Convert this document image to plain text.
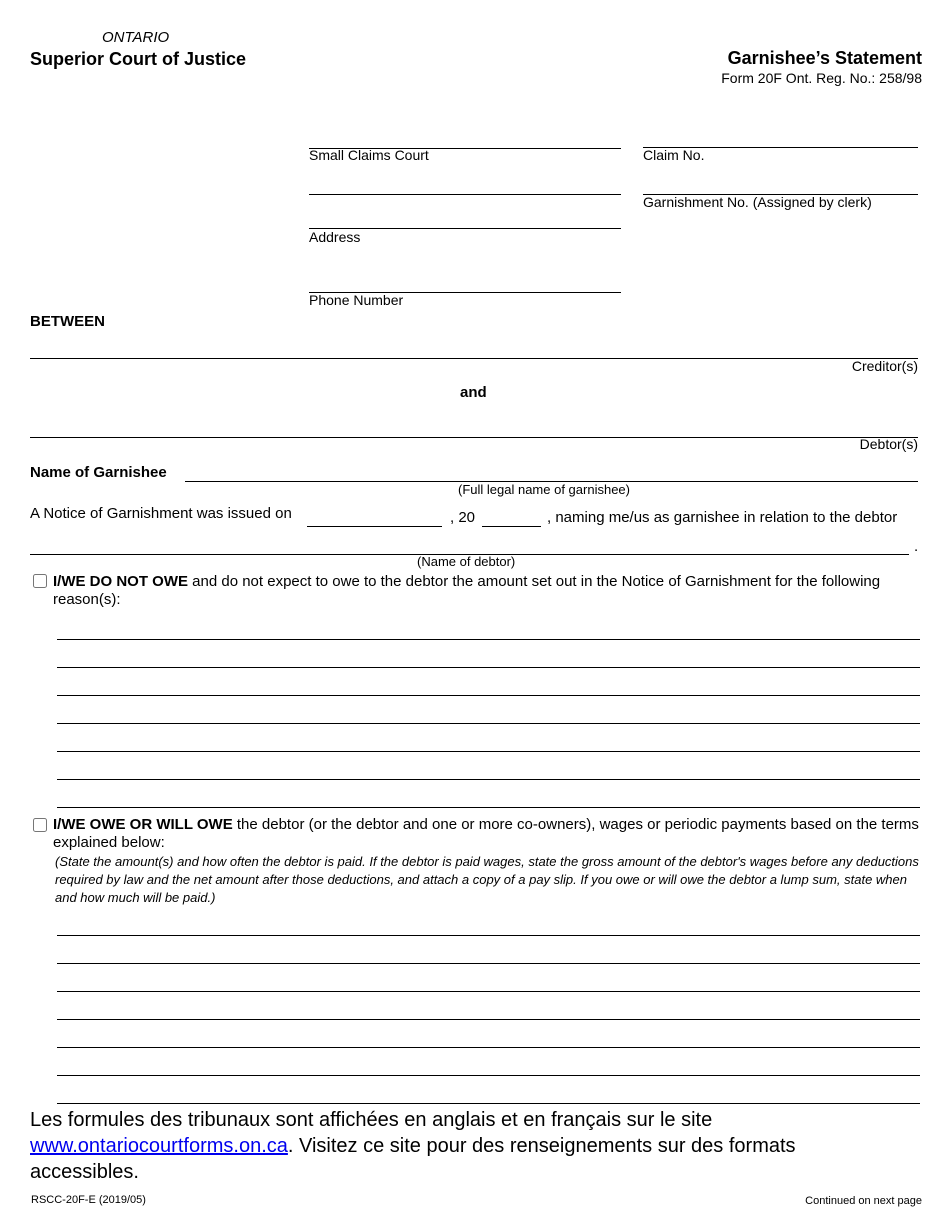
ONTARIO
Superior Court of Justice	Garnishee’s Statement
Form 20F Ont. Reg. No.: 258/98
Small Claims Court	Claim No.
Garnishment No. (Assigned by clerk)
Address
Phone Number
BETWEEN
Creditor(s)
and
Debtor(s)
Name of Garnishee
(Full legal name of garnishee)
A Notice of Garnishment was issued on	, 20	, naming me/us as garnishee in relation to the debtor
.
(Name of debtor)
I/WE DO NOT OWE and do not expect to owe to the debtor the amount set out in the Notice of Garnishment for the following reason(s):
I/WE OWE OR WILL OWE the debtor (or the debtor and one or more co-owners), wages or periodic payments based on the terms explained below:
(State the amount(s) and how often the debtor is paid. If the debtor is paid wages, state the gross amount of the debtor's wages before any deductions required by law and the net amount after those deductions, and attach a copy of a pay slip. If you owe or will owe the debtor a lump sum, state when and how much will be paid.)
Les formules des tribunaux sont affichées en anglais et en français sur le site www.ontariocourtforms.on.ca. Visitez ce site pour des renseignements sur des formats accessibles.
RSCC-20F-E (2019/05)	Continued on next page
